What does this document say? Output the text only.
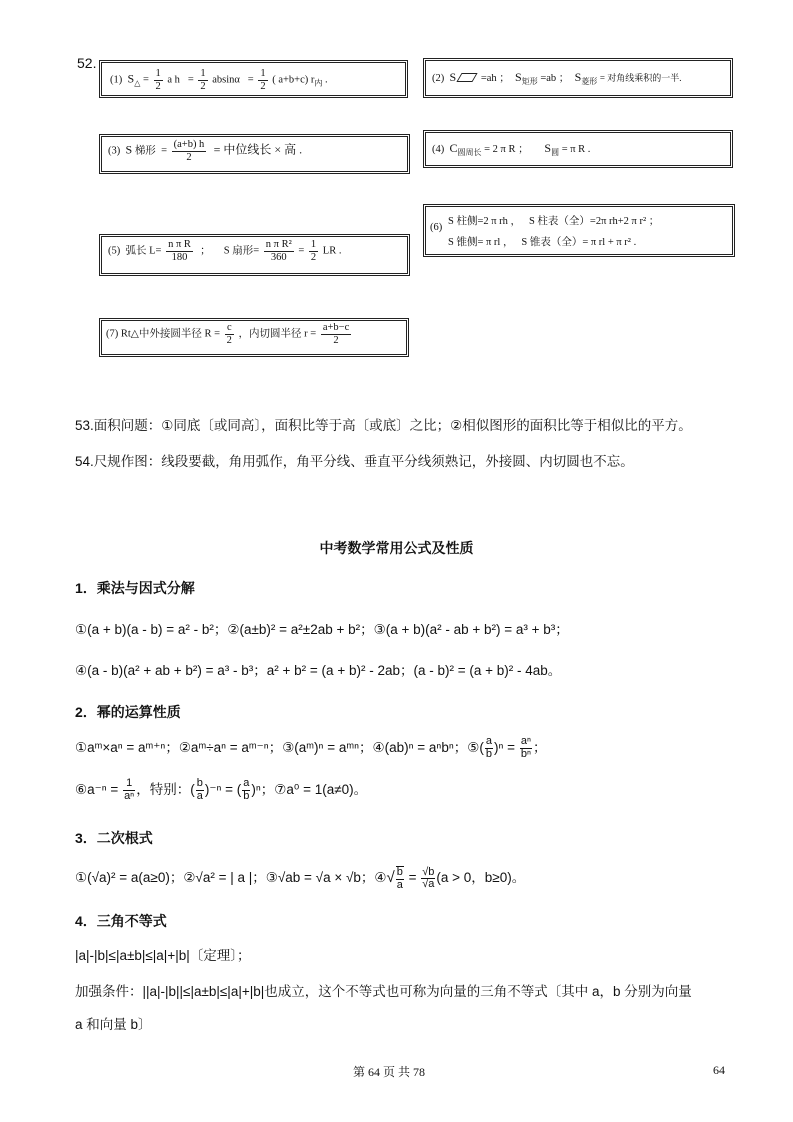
52.
(1) $S_\triangle = \frac{1}{2}$ a $h = \frac{1}{2}$ $absin\alpha = \frac{1}{2}$ ( a+b+c) $r_内$ .	(2) S =ah ； $S_{矩形} =ab$ ； $S_{菱形}$ = 对角线乘积的一半.
(3) S 梯形 = $\frac{(a+b) h}{2}$ = 中位线长 × 高 .	(4) $C_{圆周长} = 2$ π R ； $S_圆 = \pi$ R .
(6)
S 柱侧=2 π rh ， S 柱表（全）=2π rh+2 π r² ；
S 锥侧= π rl ， S 锥表（全）= π rl + π r² .
(5) 弧长 $L= \frac{\text{n π R}}{180}$ ； S 扇形= $\frac{\text{n π R²}}{360} = \frac{1}{2}$ LR .
(7) Rt△中外接圆半径 $R = \frac{c}{2}$ ，内切圆半径 $r = \frac{a+b-c}{2}$
53.面积问题：①同底〔或同高〕，面积比等于高〔或底〕之比；②相似图形的面积比等于相似比的平方。
54.尺规作图：线段要截，角用弧作，角平分线、垂直平分线须熟记，外接圆、内切圆也不忘。
中考数学常用公式及性质
1．乘法与因式分解
①(a + b)(a - b) = a² - b²；②(a±b)² = a²±2ab + b²；③(a + b)(a² - ab + b²) = a³ + b³；
④(a - b)(a² + ab + b²) = a³ - b³；a² + b² = (a + b)² - 2ab；(a - b)² = (a + b)² - 4ab。
2．幂的运算性质
①aᵐ×aⁿ = aᵐ⁺ⁿ；②aᵐ÷aⁿ = aᵐ⁻ⁿ；③(aᵐ)ⁿ = aᵐⁿ；④(ab)ⁿ = aⁿbⁿ；⑤( $\frac{a}{b} )^n = \frac{\text{aⁿ}}{\text{bⁿ}}$ ；
⑥a⁻ⁿ = $\frac{1}{\text{aⁿ}}$ ，特别：( $\frac{b}{a} )^{-n}$ = ( $\frac{a}{b} )^n$；⑦a⁰ = 1(a≠0)。
3．二次根式
①(√a)² = a(a≥0)；②√a² = | a |；③√ab = √a × √b；④√ $\frac{b}{a} = \frac{√b}{√a} (a > 0$，b≥0)。
4．三角不等式
|a|-|b|≤|a±b|≤|a|+|b|〔定理〕；
加强条件：||a|-|b||≤|a±b|≤|a|+|b|也成立，这个不等式也可称为向量的三角不等式〔其中 a，b 分别为向量
a 和向量 b〕
第 64 页 共 78	64
